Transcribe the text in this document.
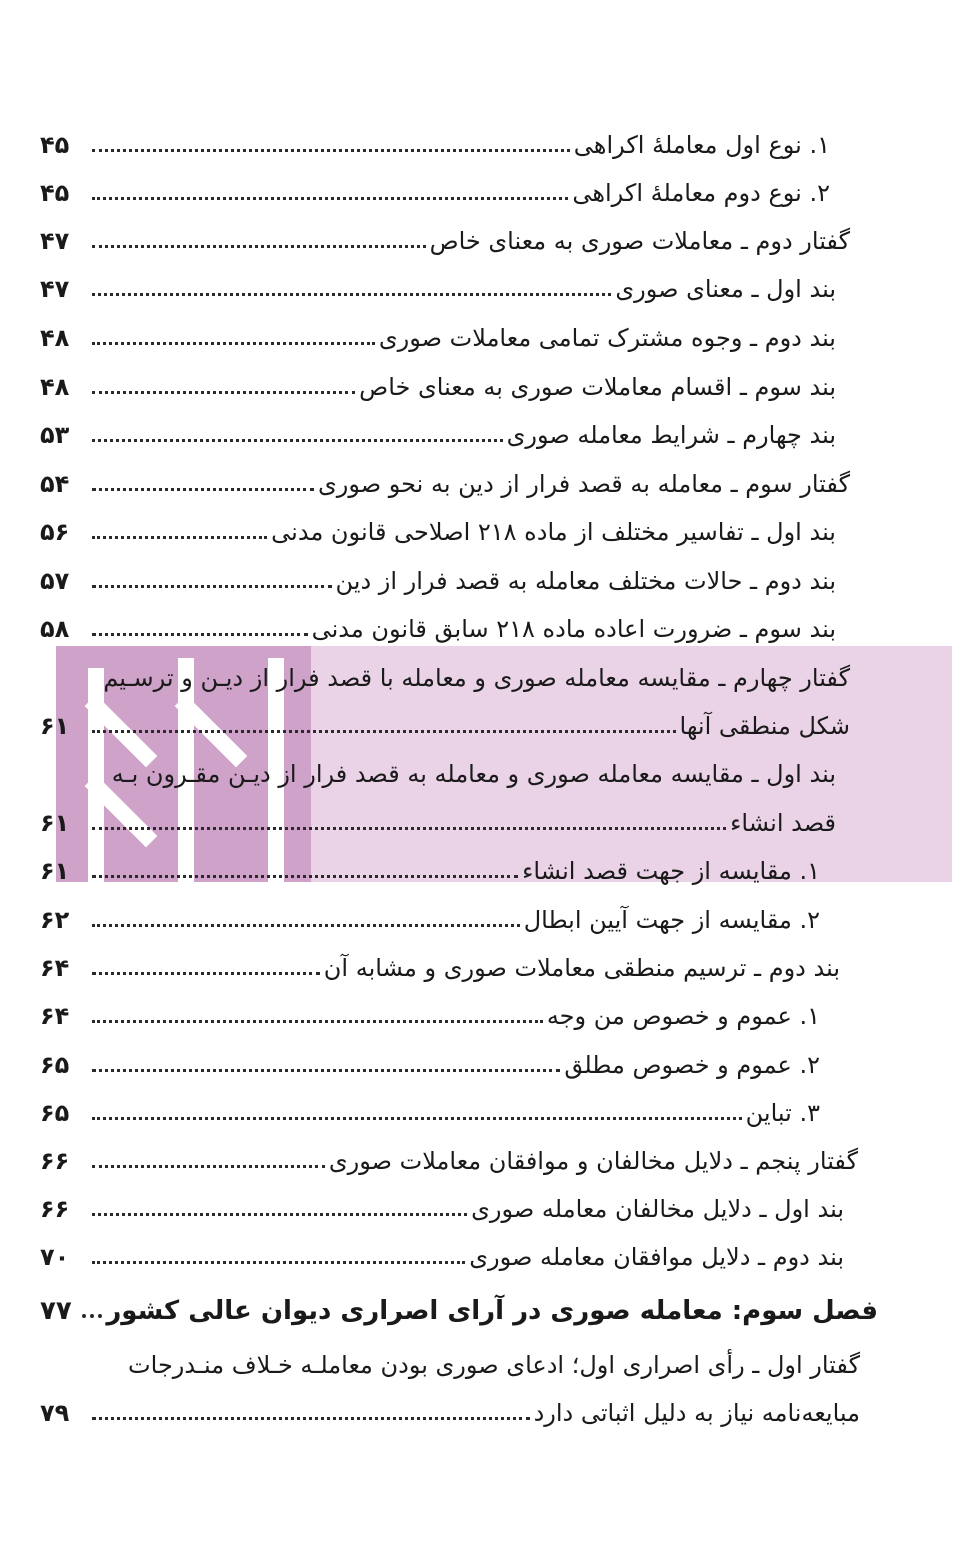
۱. نوع اول معاملهٔ اکراهی
۴۵
۲. نوع دوم معاملهٔ اکراهی
۴۵
گفتار دوم ـ معاملات صوری به معنای خاص
۴۷
بند اول ـ معنای صوری
۴۷
بند دوم ـ وجوه مشترک تمامی معاملات صوری
۴۸
بند سوم ـ اقسام معاملات صوری به معنای خاص
۴۸
بند چهارم ـ شرایط معامله صوری
۵۳
گفتار سوم ـ معامله به قصد فرار از دین به نحو صوری
۵۴
بند اول ـ تفاسیر مختلف از ماده ۲۱۸ اصلاحی قانون مدنی
۵۶
بند دوم ـ حالات مختلف معامله به قصد فرار از دین
۵۷
بند سوم ـ ضرورت اعاده ماده ۲۱۸ سابق قانون مدنی
۵۸
گفتار چهارم ـ مقایسه معامله صوری و معامله با قصد فرار از دیـن و ترسـیم
شکل منطقی آنها
۶۱
بند اول ـ مقایسه معامله صوری و معامله به قصد فرار از دیـن مقـرون بـه
قصد انشاء
۶۱
۱. مقایسه از جهت قصد انشاء
۶۱
۲. مقایسه از جهت آیین ابطال
۶۲
بند دوم ـ ترسیم منطقی معاملات صوری و مشابه آن
۶۴
۱. عموم و خصوص من وجه
۶۴
۲. عموم و خصوص مطلق
۶۵
۳. تباین
۶۵
گفتار پنجم ـ دلایل مخالفان و موافقان معاملات صوری
۶۶
بند اول ـ دلایل مخالفان معامله صوری
۶۶
بند دوم ـ دلایل موافقان معامله صوری
۷۰
فصل سوم: معامله صوری در آرای اصراری دیوان عالی کشور
۷۷
گفتار اول ـ رأی اصراری اول؛ ادعای صوری بودن معاملـه خـلاف منـدرجات
مبایعه‌نامه نیاز به دلیل اثباتی دارد
۷۹
